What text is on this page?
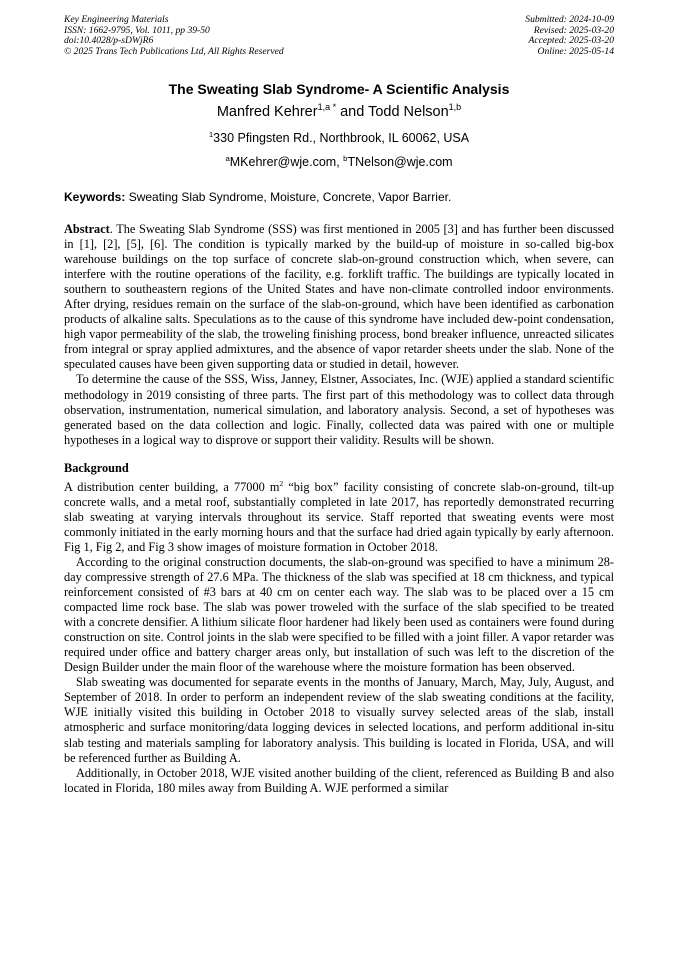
Key Engineering Materials
ISSN: 1662-9795, Vol. 1011, pp 39-50
doi:10.4028/p-sDWjR6
© 2025 Trans Tech Publications Ltd, All Rights Reserved
Submitted: 2024-10-09
Revised: 2025-03-20
Accepted: 2025-03-20
Online: 2025-05-14
The Sweating Slab Syndrome- A Scientific Analysis
Manfred Kehrer$^{1,a *}$ and Todd Nelson$^{1,b}$
$^1$330 Pfingsten Rd., Northbrook, IL 60062, USA
$^a$MKehrer@wje.com, $^b$TNelson@wje.com
Keywords: Sweating Slab Syndrome, Moisture, Concrete, Vapor Barrier.

Abstract. The Sweating Slab Syndrome (SSS) was first mentioned in 2005 [3] and has further been discussed in [1], [2], [5], [6]. The condition is typically marked by the build-up of moisture in so-called big-box warehouse buildings on the top surface of concrete slab-on-ground construction which, when severe, can interfere with the routine operations of the facility, e.g. forklift traffic. The buildings are typically located in southern to southeastern regions of the United States and have non-climate controlled indoor environments. After drying, residues remain on the surface of the slab-on-ground, which have been identified as carbonation products of alkaline salts. Speculations as to the cause of this syndrome have included dew-point condensation, high vapor permeability of the slab, the troweling finishing process, bond breaker influence, unreacted silicates from integral or spray applied admixtures, and the absence of vapor retarder sheets under the slab. None of the speculated causes have been given supporting data or studied in detail, however.

To determine the cause of the SSS, Wiss, Janney, Elstner, Associates, Inc. (WJE) applied a standard scientific methodology in 2019 consisting of three parts. The first part of this methodology was to collect data through observation, instrumentation, numerical simulation, and laboratory analysis. Second, a set of hypotheses was generated based on the data collection and logic. Finally, collected data was paired with one or multiple hypotheses in a logical way to disprove or support their validity. Results will be shown.

Background

A distribution center building, a 77000 $m^2$ “big box” facility consisting of concrete slab-on-ground, tilt-up concrete walls, and a metal roof, substantially completed in late 2017, has reportedly demonstrated recurring slab sweating at varying intervals throughout its service. Staff reported that sweating events were most commonly initiated in the early morning hours and that the surface had dried again typically by early afternoon. Fig 1, Fig 2, and Fig 3 show images of moisture formation in October 2018.

According to the original construction documents, the slab-on-ground was specified to have a minimum 28-day compressive strength of 27.6 MPa. The thickness of the slab was specified at 18 cm thickness, and typical reinforcement consisted of #3 bars at 40 cm on center each way. The slab was to be placed over a 15 cm compacted lime rock base. The slab was power troweled with the surface of the slab specified to be treated with a concrete densifier. A lithium silicate floor hardener had likely been used as containers were found during construction on site. Control joints in the slab were specified to be filled with a joint filler. A vapor retarder was required under office and battery charger areas only, but installation of such was left to the discretion of the Design Builder under the main floor of the warehouse where the moisture formation has been observed.

Slab sweating was documented for separate events in the months of January, March, May, July, August, and September of 2018. In order to perform an independent review of the slab sweating conditions at the facility, WJE initially visited this building in October 2018 to visually survey selected areas of the slab, install atmospheric and surface monitoring/data logging devices in selected locations, and perform additional in-situ slab testing and materials sampling for laboratory analysis. This building is located in Florida, USA, and will be referenced further as Building A.

Additionally, in October 2018, WJE visited another building of the client, referenced as Building B and also located in Florida, 180 miles away from Building A. WJE performed a similar
